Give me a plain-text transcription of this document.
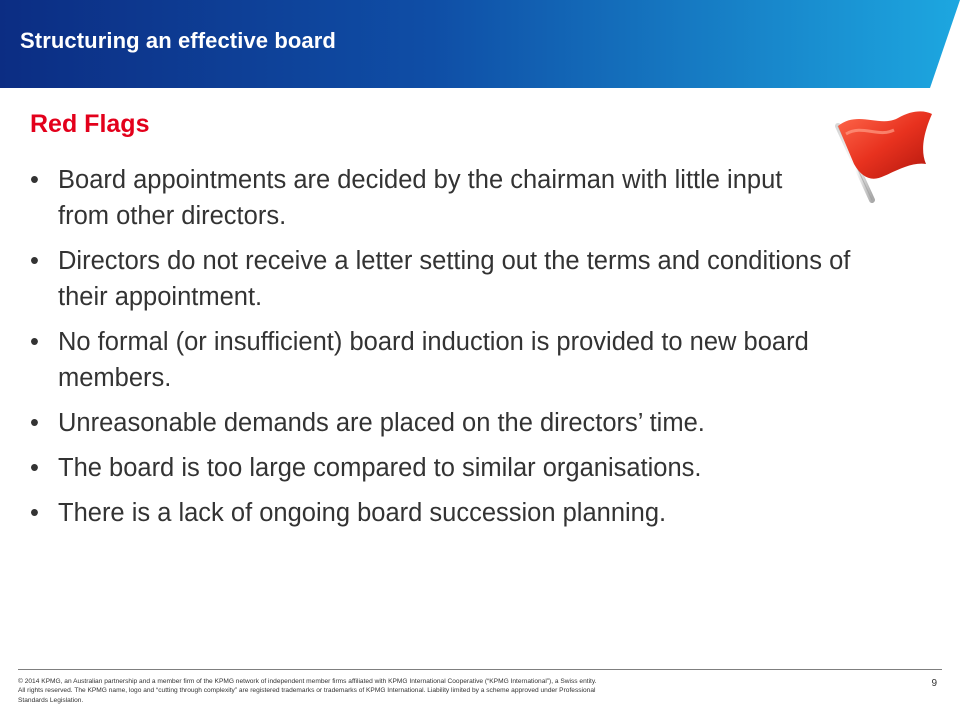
Structuring an effective board
Red Flags
• Board appointments are decided by the chairman with little input from other directors.
• Directors do not receive a letter setting out the terms and conditions of their appointment.
• No formal (or insufficient) board induction is provided to new board members.
• Unreasonable demands are placed on the directors’ time.
• The board is too large compared to similar organisations.
• There is a lack of ongoing board succession planning.
© 2014 KPMG, an Australian partnership and a member firm of the KPMG network of independent member firms affiliated with KPMG International Cooperative (“KPMG International”), a Swiss entity. All rights reserved. The KPMG name, logo and “cutting through complexity” are registered trademarks or trademarks of KPMG International. Liability limited by a scheme approved under Professional Standards Legislation.
9
